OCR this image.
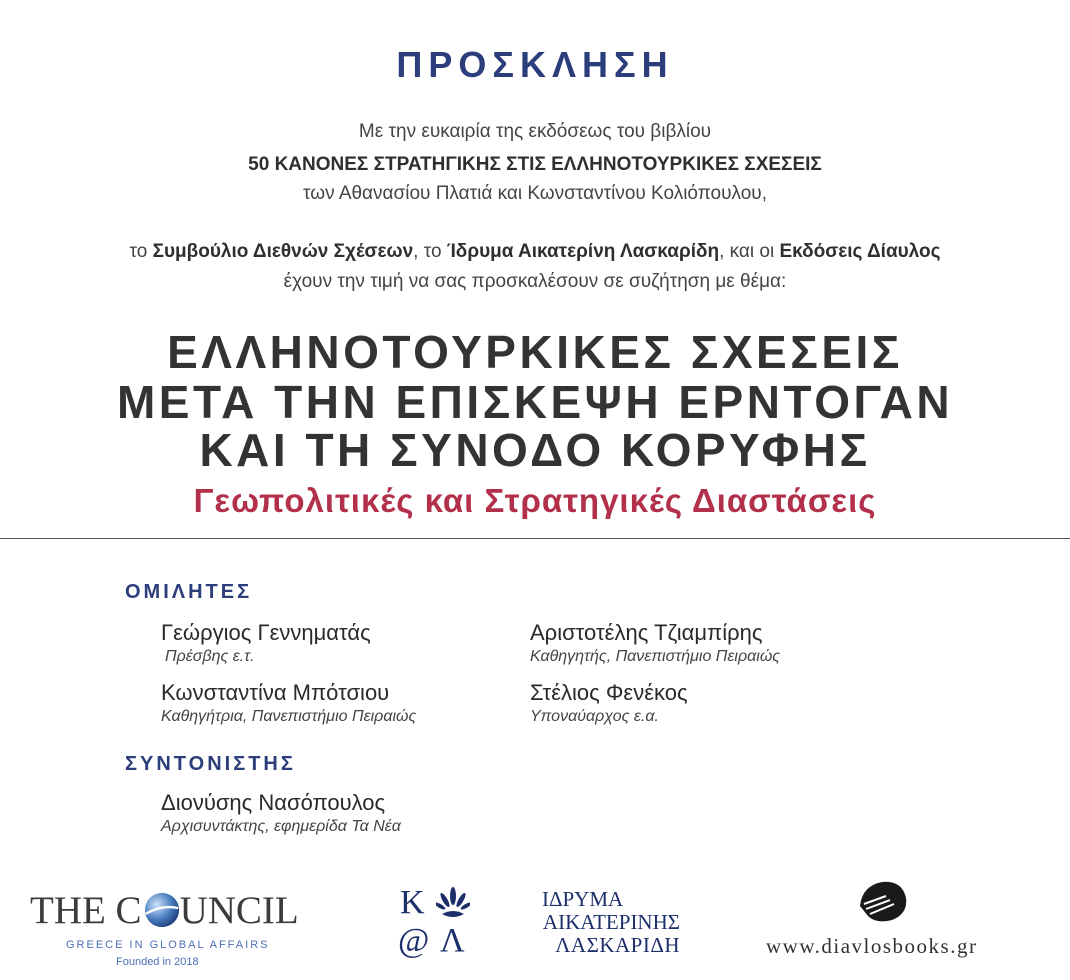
ΠΡΟΣΚΛΗΣΗ
Με την ευκαιρία της εκδόσεως του βιβλίου
50 ΚΑΝΟΝΕΣ ΣΤΡΑΤΗΓΙΚΗΣ ΣΤΙΣ ΕΛΛΗΝΟΤΟΥΡΚΙΚΕΣ ΣΧΕΣΕΙΣ
των Αθανασίου Πλατιά και Κωνσταντίνου Κολιόπουλου,
το Συμβούλιο Διεθνών Σχέσεων, το Ίδρυμα Αικατερίνη Λασκαρίδη, και οι Εκδόσεις Δίαυλος
έχουν την τιμή να σας προσκαλέσουν σε συζήτηση με θέμα:
ΕΛΛΗΝΟΤΟΥΡΚΙΚΕΣ ΣΧΕΣΕΙΣ
ΜΕΤΑ ΤΗΝ ΕΠΙΣΚΕΨΗ ΕΡΝΤΟΓΑΝ
ΚΑΙ ΤΗ ΣΥΝΟΔΟ ΚΟΡΥΦΗΣ
Γεωπολιτικές και Στρατηγικές Διαστάσεις
ΟΜΙΛΗΤΕΣ
Γεώργιος Γεννηματάς
Πρέσβης ε.τ.
Κωνσταντίνα Μπότσιου
Καθηγήτρια, Πανεπιστήμιο Πειραιώς
Αριστοτέλης Τζιαμπίρης
Καθηγητής, Πανεπιστήμιο Πειραιώς
Στέλιος Φενέκος
Υποναύαρχος ε.α.
ΣΥΝΤΟΝΙΣΤΗΣ
Διονύσης Νασόπουλος
Αρχισυντάκτης, εφημερίδα Τα Νέα
THE C UNCIL
GREECE IN GLOBAL AFFAIRS
Founded in 2018
Κ
@ Λ
ΙΔΡΥΜΑ
ΑΙΚΑΤΕΡΙΝΗΣ
ΛΑΣΚΑΡΙΔΗ	www.diavlosbooks.gr
